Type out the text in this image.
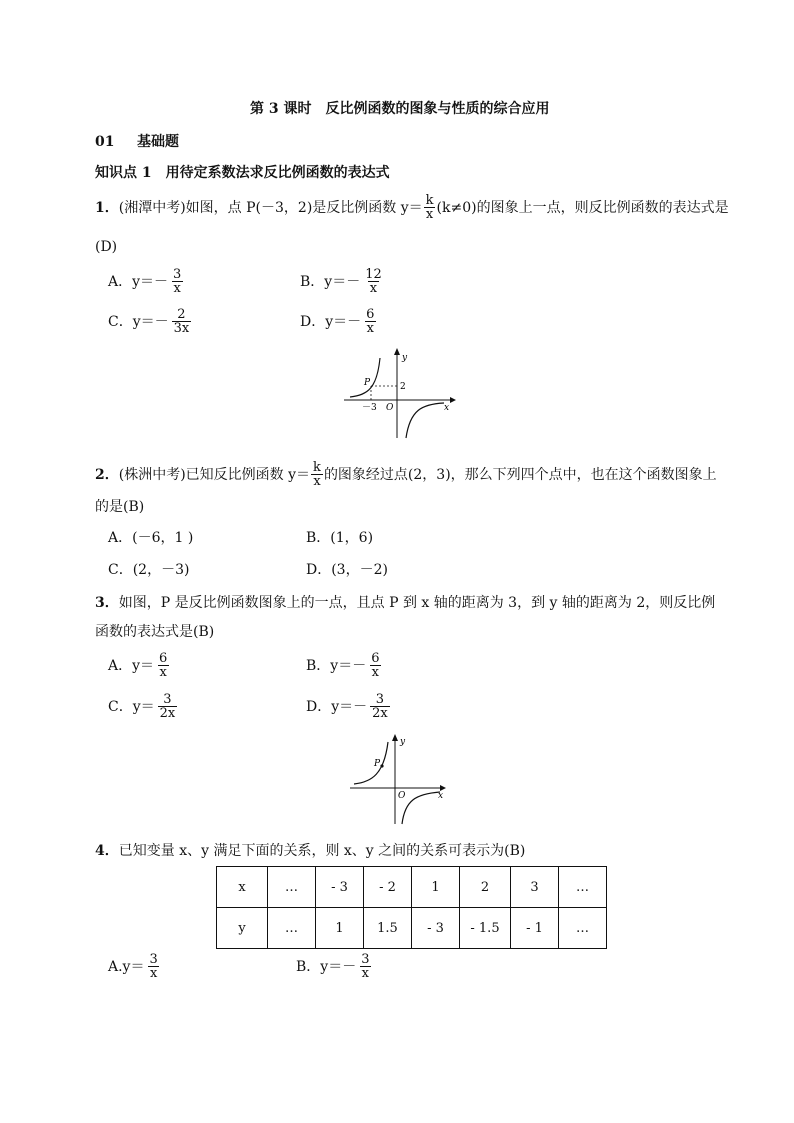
第 3 课时　反比例函数的图象与性质的综合应用
01 基础题
知识点 1　用待定系数法求反比例函数的表达式
1． (湘潭中考)如图，点 P(－3，2)是反比例函数 $y= \frac{k}{x} (k\ne 0)$的图象上一点，则反比例函数的表达式是
(D)
A．$y=- \frac{3}{x}$	B．$y=- \frac{12}{x}$
C．$y=- \frac{2}{3x}$	D．$y=- \frac{6}{x}$
y
x
O
P	2
－3
2． (株洲中考)已知反比例函数 $y= \frac{k}{x}$ 的图象经过点(2，3)，那么下列四个点中，也在这个函数图象上
的是(B)
A．(－6，1 )	B．(1，6)
C．(2，－3)	D．(3，－2)
3． 如图，P 是反比例函数图象上的一点，且点 P 到 x 轴的距离为 3，到 y 轴的距离为 2，则反比例
函数的表达式是(B)
A．$y= \frac{6}{x}$	B．$y=- \frac{6}{x}$
C．$y= \frac{3}{2x}$	D．$y=- \frac{3}{2x}$
y
x
O
P
4． 已知变量 x、y 满足下面的关系，则 x、y 之间的关系可表示为(B)
x	…	- 3	- 2	1	2	3	…
y	…	1	1.5	- 3	- 1.5	- 1	…
$A.y= \frac{3}{x}$	B．$y=- \frac{3}{x}$
